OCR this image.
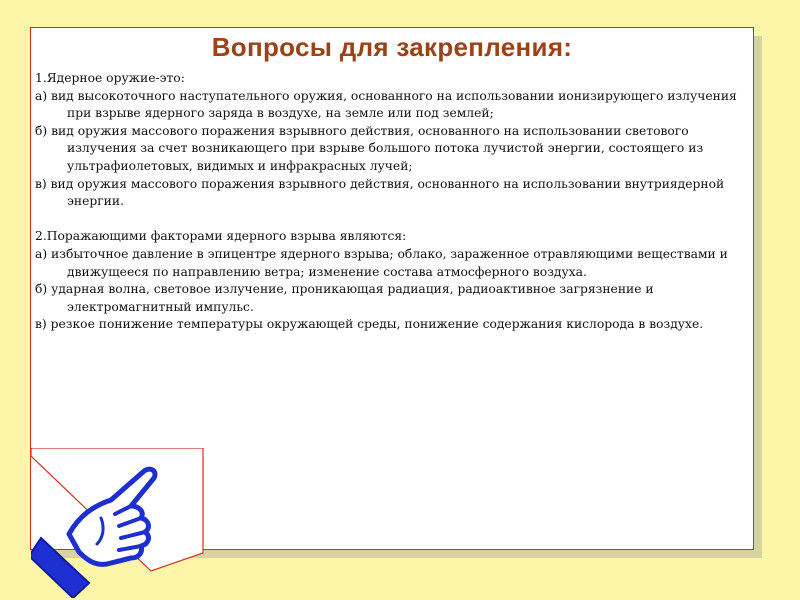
Вопросы для закрепления:

1.Ядерное оружие-это:

а) вид высокоточного наступательного оружия, основанного на использовании ионизирующего излучения при взрыве ядерного заряда в воздухе, на земле или под землей;

б) вид оружия массового поражения взрывного действия, основанного на использовании светового излучения за счет возникающего при взрыве большого потока лучистой энергии, состоящего из ультрафиолетовых, видимых и инфракрасных лучей;

в) вид оружия массового поражения взрывного действия, основанного на использовании внутриядерной энергии.

2.Поражающими факторами ядерного взрыва являются:

а) избыточное давление в эпицентре ядерного взрыва; облако, зараженное отравляющими веществами и движущееся по направлению ветра; изменение состава атмосферного воздуха.

б) ударная волна, световое излучение, проникающая радиация, радиоактивное загрязнение и электромагнитный импульс.

в) резкое понижение температуры окружающей среды, понижение содержания кислорода в воздухе.
